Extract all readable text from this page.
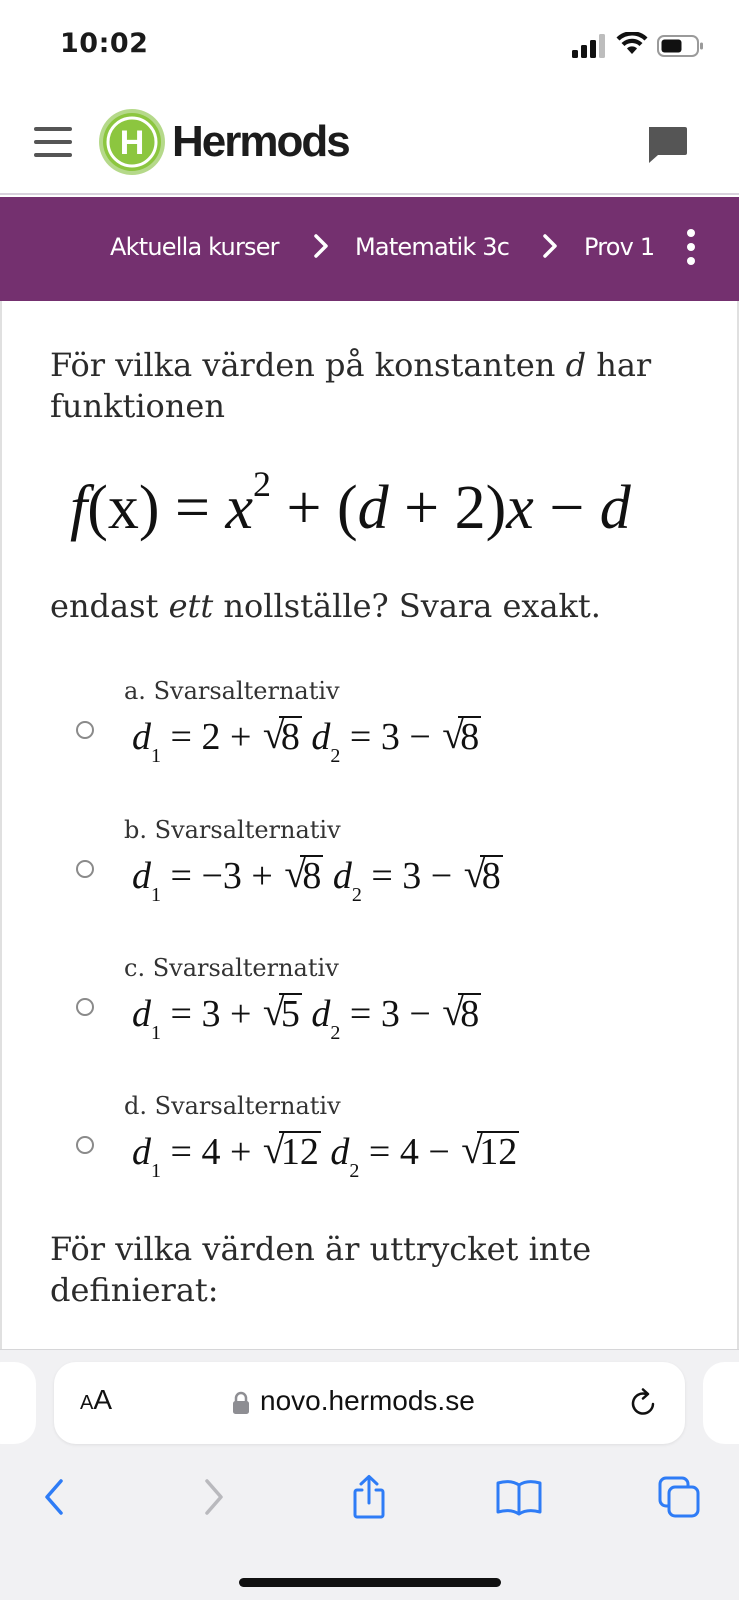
10:02
H Hermods
Aktuella kurser	Matematik 3c	Prov 1
För vilka värden på konstanten d har funktionen
$f(x) = x^2 + (d + 2)x - d$
endast ett nollställe? Svara exakt.
a. Svarsalternativ
$d_1 = 2$ + √ 8 $d_2 = 3$ − √ 8
b. Svarsalternativ
$d_1 = -3$ + √ 8 $d_2 = 3$ − √ 8
c. Svarsalternativ
$d_1 = 3$ + √ 5 $d_2 = 3$ − √ 8
d. Svarsalternativ
$d_1 = 4$ + √ 12 $d_2 = 4$ − √ 12
För vilka värden är uttrycket inte definierat:
AA	novo.hermods.se
